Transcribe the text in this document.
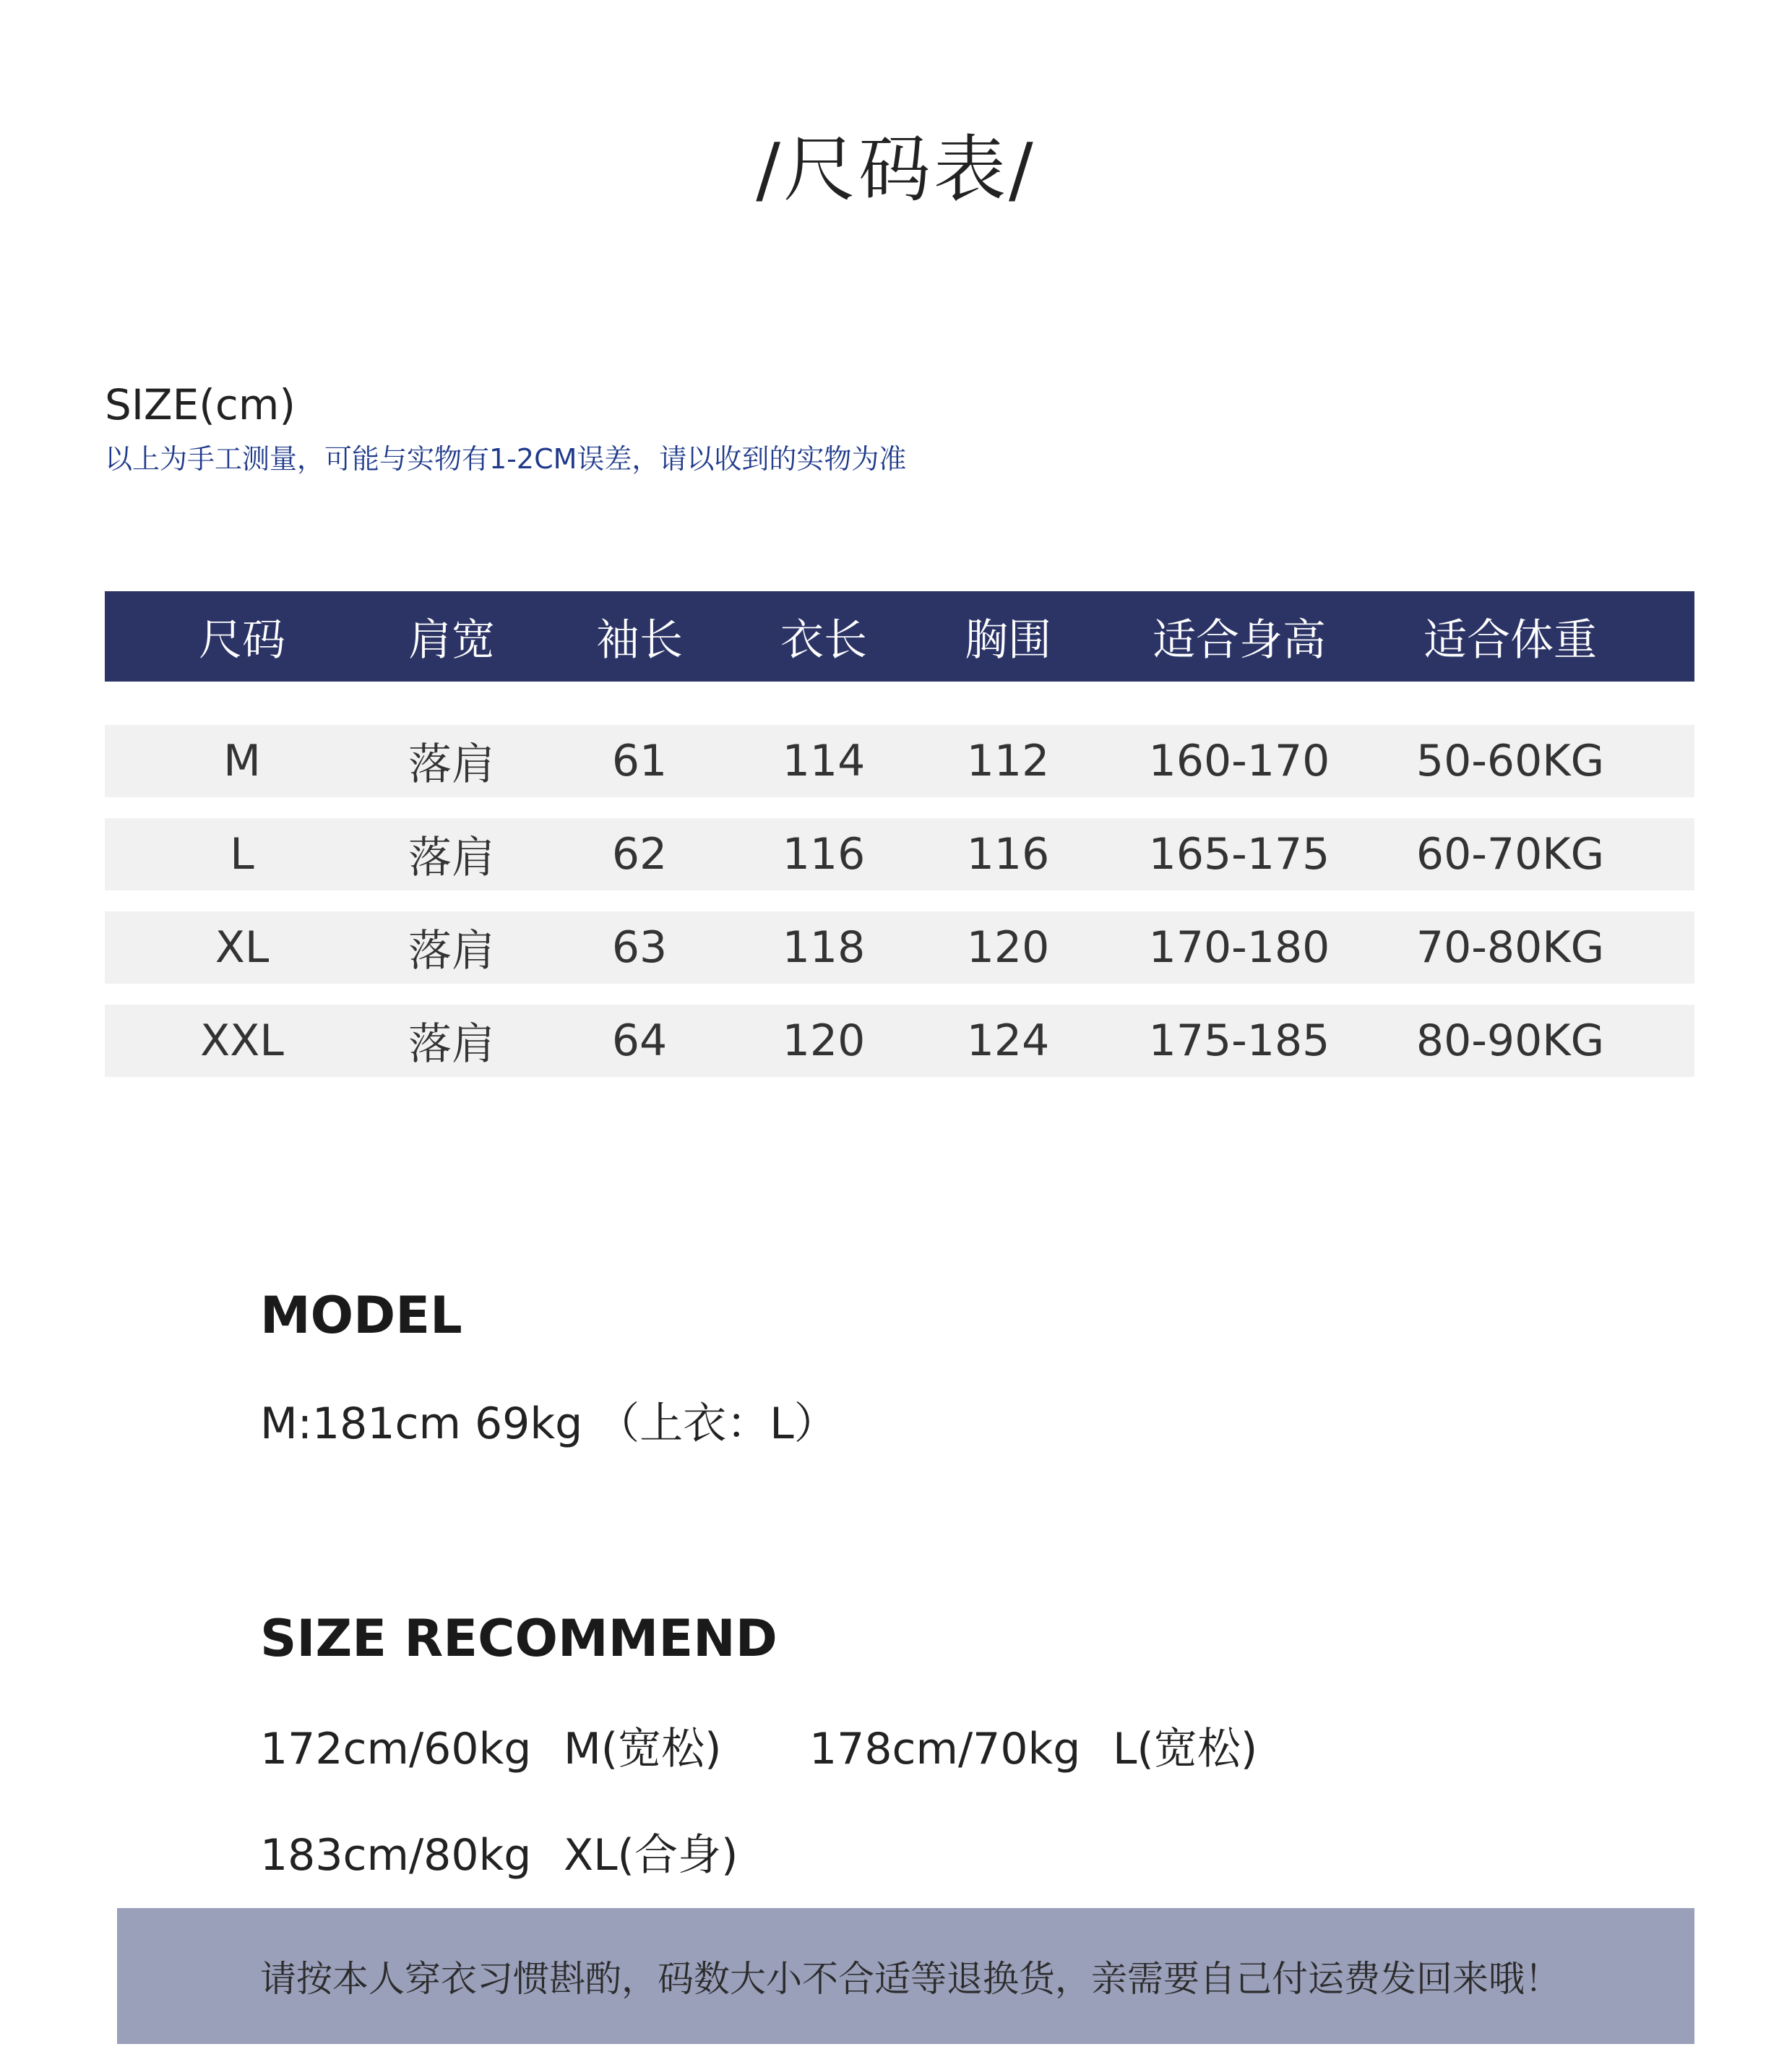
/尺码表/
SIZE(cm)
以上为手工测量，可能与实物有1-2CM误差，请以收到的实物为准
尺码	肩宽	袖长	衣长	胸围	适合身高	适合体重
M	落肩	61	114	112	160-170	50-60KG
L	落肩	62	116	116	165-175	60-70KG
XL	落肩	63	118	120	170-180	70-80KG
XXL	落肩	64	120	124	175-185	80-90KG
MODEL
M:181cm 69kg （上衣：L）
SIZE RECOMMEND
172cm/60kg M(宽松) 178cm/70kg L(宽松)
183cm/80kg XL(合身)
请按本人穿衣习惯斟酌，码数大小不合适等退换货，亲需要自己付运费发回来哦！
